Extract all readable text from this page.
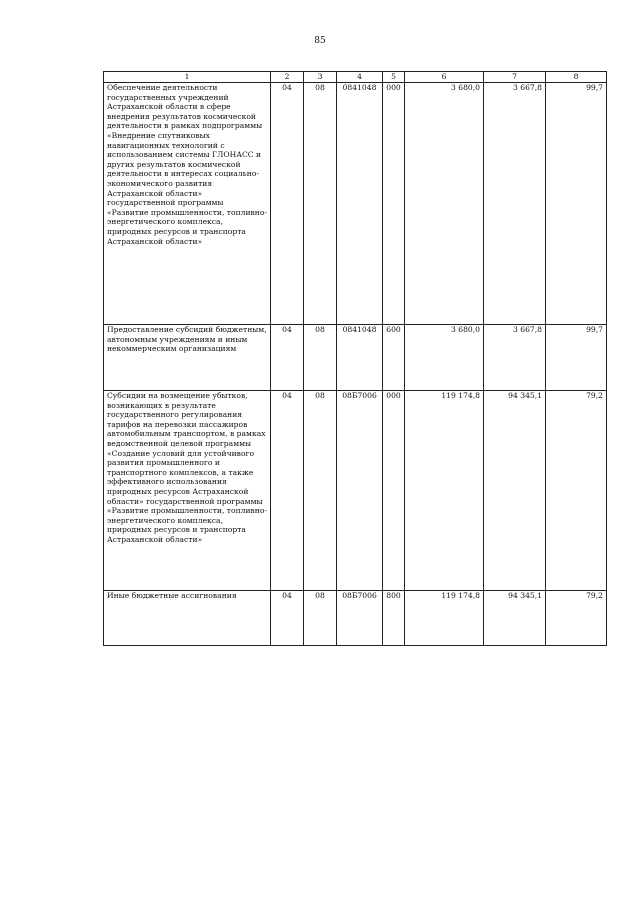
85
1	2	3	4	5	6	7	8
Обеспечение деятельности государственных учреждений Астраханской области в сфере внедрения результатов космической деятельности в рамках подпрограммы «Внедрение спутниковых навигационных технологий с использованием системы ГЛОНАСС и других результатов космической деятельности в интересах социально-экономического развития Астраханской области» государственной программы «Развитие промышленности, топливно-энергетического комплекса, природных ресурсов и транспорта Астраханской области»	04	08	0841048	000	3 680,0	3 667,8	99,7
Предоставление субсидий бюджетным, автономным учреждениям и иным некоммерческим организациям	04	08	0841048	600	3 680,0	3 667,8	99,7
Субсидии на возмещение убытков, возникающих в результате государственного регулирования тарифов на перевозки пассажиров автомобильным транспортом, в рамках ведомственной целевой программы «Создание условий для устойчивого развития промышленного и транспортного комплексов, а также эффективного использования природных ресурсов Астраханской области» государственной программы «Развитие промышленности, топливно-энергетического комплекса, природных ресурсов и транспорта Астраханской области»	04	08	08Б7006	000	119 174,8	94 345,1	79,2
Иные бюджетные ассигнования	04	08	08Б7006	800	119 174,8	94 345,1	79,2
